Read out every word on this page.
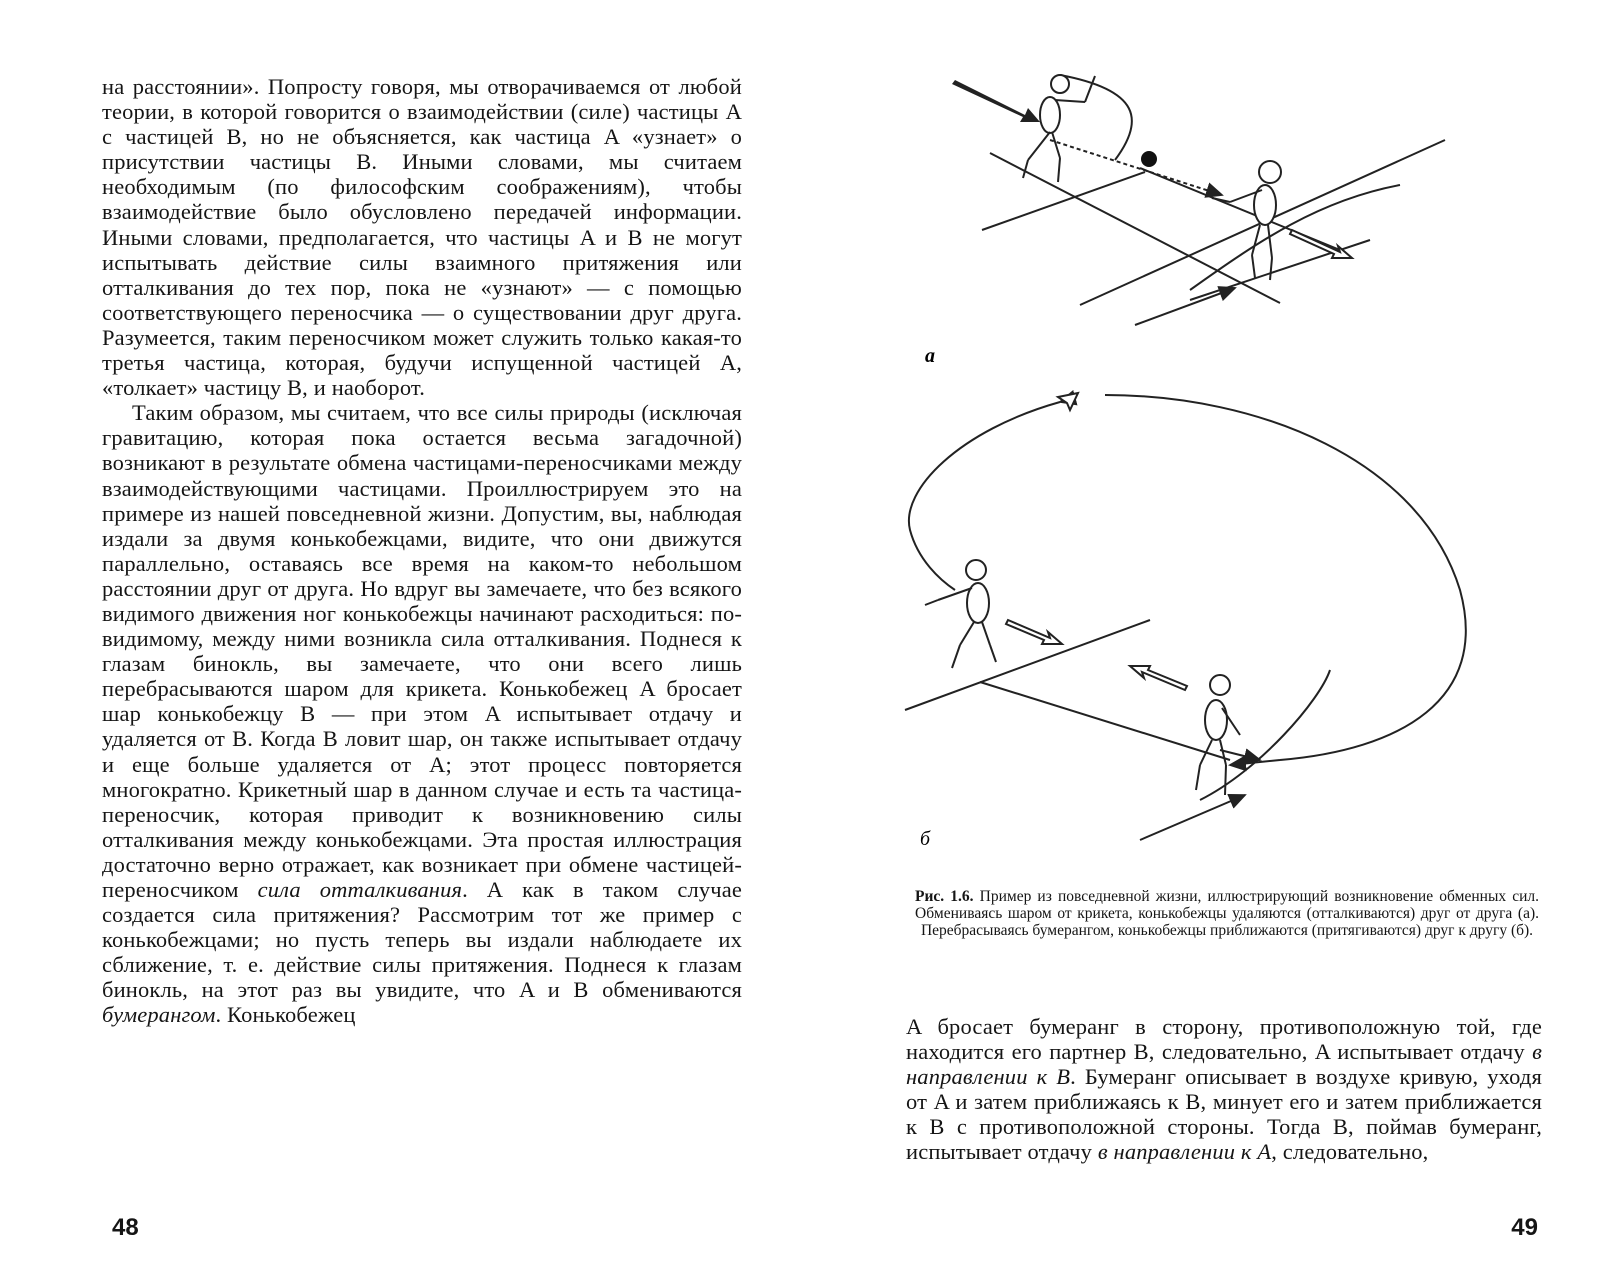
на расстоянии». Попросту говоря, мы отворачиваемся от любой теории, в которой говорится о взаимодействии (силе) частицы A с частицей B, но не объясняется, как частица A «узнает» о присутствии частицы B. Иными словами, мы считаем необходимым (по философским соображениям), чтобы взаимодействие было обусловлено передачей информации. Иными словами, предполагается, что частицы A и B не могут испытывать действие силы взаимного притяжения или отталкивания до тех пор, пока не «узнают» — с помощью соответствующего переносчика — о существовании друг друга. Разумеется, таким переносчиком может служить только какая-то третья частица, которая, будучи испущенной частицей A, «толкает» частицу B, и наоборот.

Таким образом, мы считаем, что все силы природы (исключая гравитацию, которая пока остается весьма загадочной) возникают в результате обмена частицами-переносчиками между взаимодействующими частицами. Проиллюстрируем это на примере из нашей повседневной жизни. Допустим, вы, наблюдая издали за двумя конькобежцами, видите, что они движутся параллельно, оставаясь все время на каком-то небольшом расстоянии друг от друга. Но вдруг вы замечаете, что без всякого видимого движения ног конькобежцы начинают расходиться: по-видимому, между ними возникла сила отталкивания. Поднеся к глазам бинокль, вы замечаете, что они всего лишь перебрасываются шаром для крикета. Конькобежец A бросает шар конькобежцу B — при этом A испытывает отдачу и удаляется от B. Когда B ловит шар, он также испытывает отдачу и еще больше удаляется от A; этот процесс повторяется многократно. Крикетный шар в данном случае и есть та частица-переносчик, которая приводит к возникновению силы отталкивания между конькобежцами. Эта простая иллюстрация достаточно верно отражает, как возникает при обмене частицей-переносчиком сила отталкивания. А как в таком случае создается сила притяжения? Рассмотрим тот же пример с конькобежцами; но пусть теперь вы издали наблюдаете их сближение, т. е. действие силы притяжения. Поднеся к глазам бинокль, на этот раз вы увидите, что A и B обмениваются бумерангом. Конькобежец

48
а
б
Рис. 1.6. Пример из повседневной жизни, иллюстрирующий возникновение обменных сил. Обмениваясь шаром от крикета, конькобежцы удаляются (отталкиваются) друг от друга (а). Перебрасываясь бумерангом, конькобежцы приближаются (притягиваются) друг к другу (б).

A бросает бумеранг в сторону, противоположную той, где находится его партнер B, следовательно, A испытывает отдачу в направлении к B. Бумеранг описывает в воздухе кривую, уходя от A и затем приближаясь к B, минует его и затем приближается к B с противоположной стороны. Тогда B, поймав бумеранг, испытывает отдачу в направлении к A, следовательно,

49
